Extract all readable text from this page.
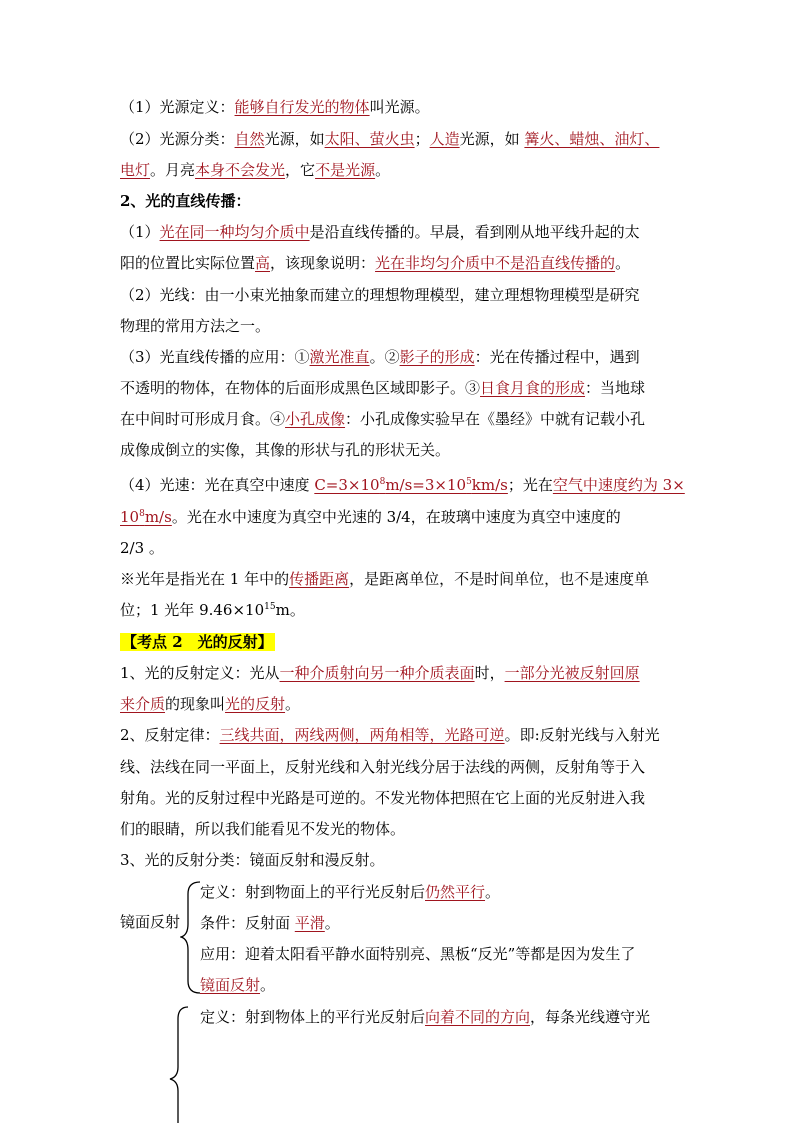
（1）光源定义：能够自行发光的物体叫光源。
（2）光源分类：自然光源，如太阳、萤火虫；人造光源，如 篝火、蜡烛、油灯、
电灯。月亮本身不会发光，它不是光源。
2、光的直线传播：
（1）光在同一种均匀介质中是沿直线传播的。早晨，看到刚从地平线升起的太
阳的位置比实际位置高，该现象说明：光在非均匀介质中不是沿直线传播的。
（2）光线：由一小束光抽象而建立的理想物理模型，建立理想物理模型是研究
物理的常用方法之一。
（3）光直线传播的应用：①激光准直。②影子的形成：光在传播过程中，遇到
不透明的物体，在物体的后面形成黑色区域即影子。③日食月食的形成：当地球
在中间时可形成月食。④小孔成像：小孔成像实验早在《墨经》中就有记载小孔
成像成倒立的实像，其像的形状与孔的形状无关。
（4）光速：光在真空中速度 $C=3\times 10^8m/s=3\times 10^5km/s$；光在空气中速度约为 3×
$10^8m/s$。光在水中速度为真空中光速的 3/4，在玻璃中速度为真空中速度的
2/3 。
※光年是指光在 1 年中的传播距离，是距离单位，不是时间单位，也不是速度单
位；1 光年 $9.46\times 10^{15}m$。
【考点 2　光的反射】
1、光的反射定义：光从一种介质射向另一种介质表面时，一部分光被反射回原
来介质的现象叫光的反射。
2、反射定律：三线共面，两线两侧，两角相等，光路可逆。即:反射光线与入射光
线、法线在同一平面上，反射光线和入射光线分居于法线的两侧，反射角等于入
射角。光的反射过程中光路是可逆的。不发光物体把照在它上面的光反射进入我
们的眼睛，所以我们能看见不发光的物体。
3、光的反射分类：镜面反射和漫反射。
镜面反射
定义：射到物面上的平行光反射后仍然平行。
条件：反射面 平滑。
应用：迎着太阳看平静水面特别亮、黑板“反光”等都是因为发生了
镜面反射。
定义：射到物体上的平行光反射后向着不同的方向，每条光线遵守光
